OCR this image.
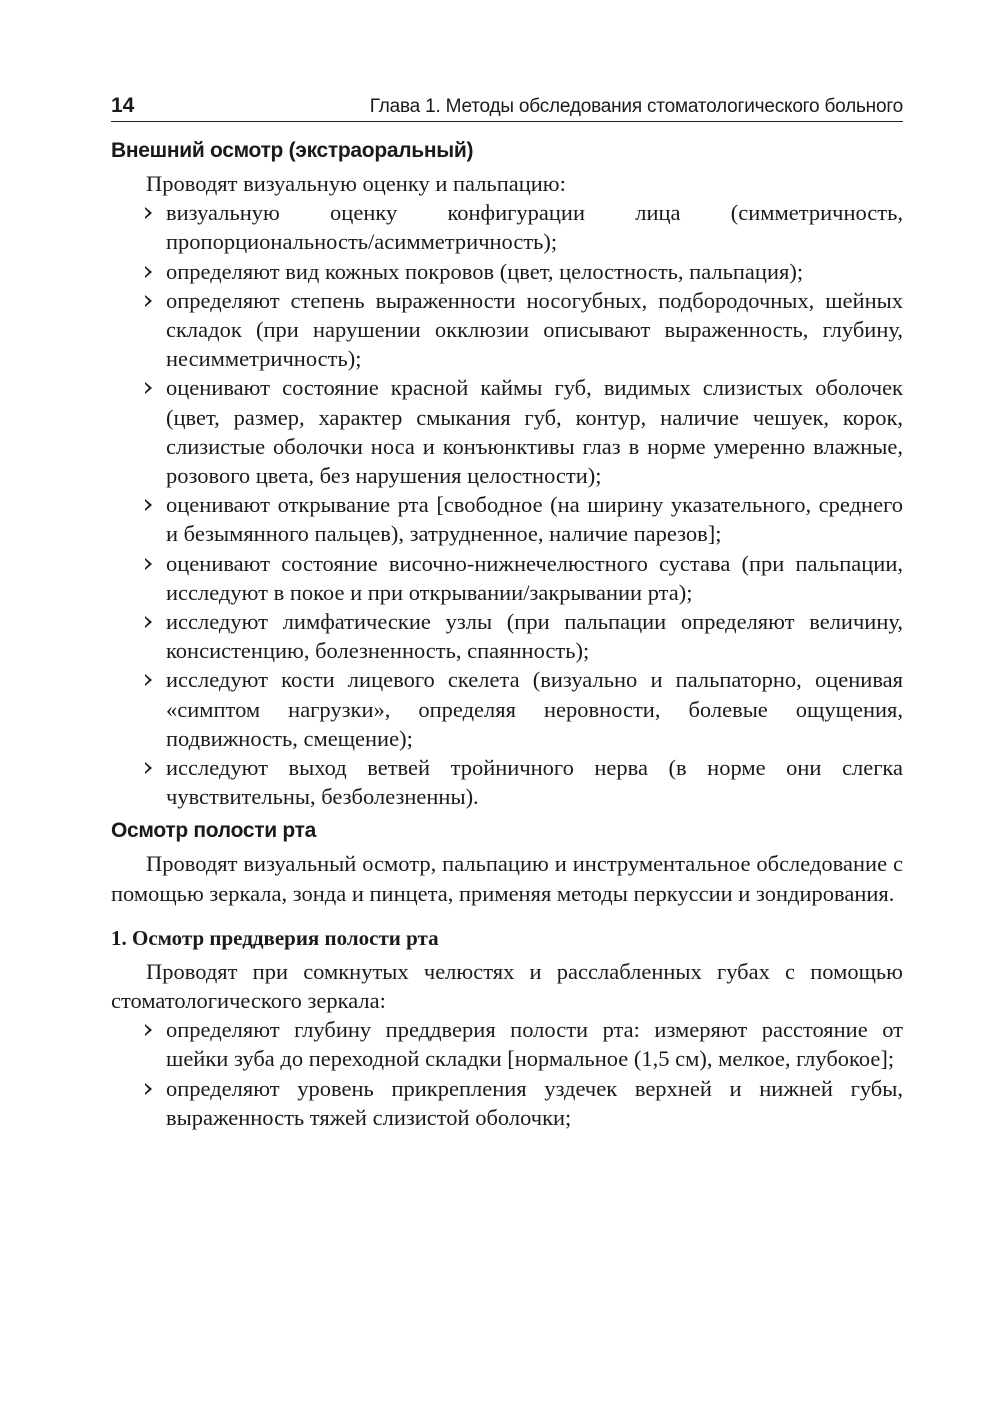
14	Глава 1. Методы обследования стоматологического больного
Внешний осмотр (экстраоральный)

Проводят визуальную оценку и пальпацию:

визуальную оценку конфигурации лица (симметричность, пропорциональность/асимметричность);
определяют вид кожных покровов (цвет, целостность, пальпация);
определяют степень выраженности носогубных, подбородочных, шейных складок (при нарушении окклюзии описывают выраженность, глубину, несимметричность);
оценивают состояние красной каймы губ, видимых слизистых оболочек (цвет, размер, характер смыкания губ, контур, наличие чешуек, корок, слизистые оболочки носа и конъюнктивы глаз в норме умеренно влажные, розового цвета, без нарушения целостности);
оценивают открывание рта [свободное (на ширину указательного, среднего и безымянного пальцев), затрудненное, наличие парезов];
оценивают состояние височно-нижнечелюстного сустава (при пальпации, исследуют в покое и при открывании/закрывании рта);
исследуют лимфатические узлы (при пальпации определяют величину, консистенцию, болезненность, спаянность);
исследуют кости лицевого скелета (визуально и пальпаторно, оценивая «симптом нагрузки», определяя неровности, болевые ощущения, подвижность, смещение);
исследуют выход ветвей тройничного нерва (в норме они слегка чувствительны, безболезненны).
Осмотр полости рта

Проводят визуальный осмотр, пальпацию и инструментальное обследование с помощью зеркала, зонда и пинцета, применяя методы перкуссии и зондирования.

1. Осмотр преддверия полости рта

Проводят при сомкнутых челюстях и расслабленных губах с помощью стоматологического зеркала:

определяют глубину преддверия полости рта: измеряют расстояние от шейки зуба до переходной складки [нормальное (1,5 см), мелкое, глубокое];
определяют уровень прикрепления уздечек верхней и нижней губы, выраженность тяжей слизистой оболочки;
